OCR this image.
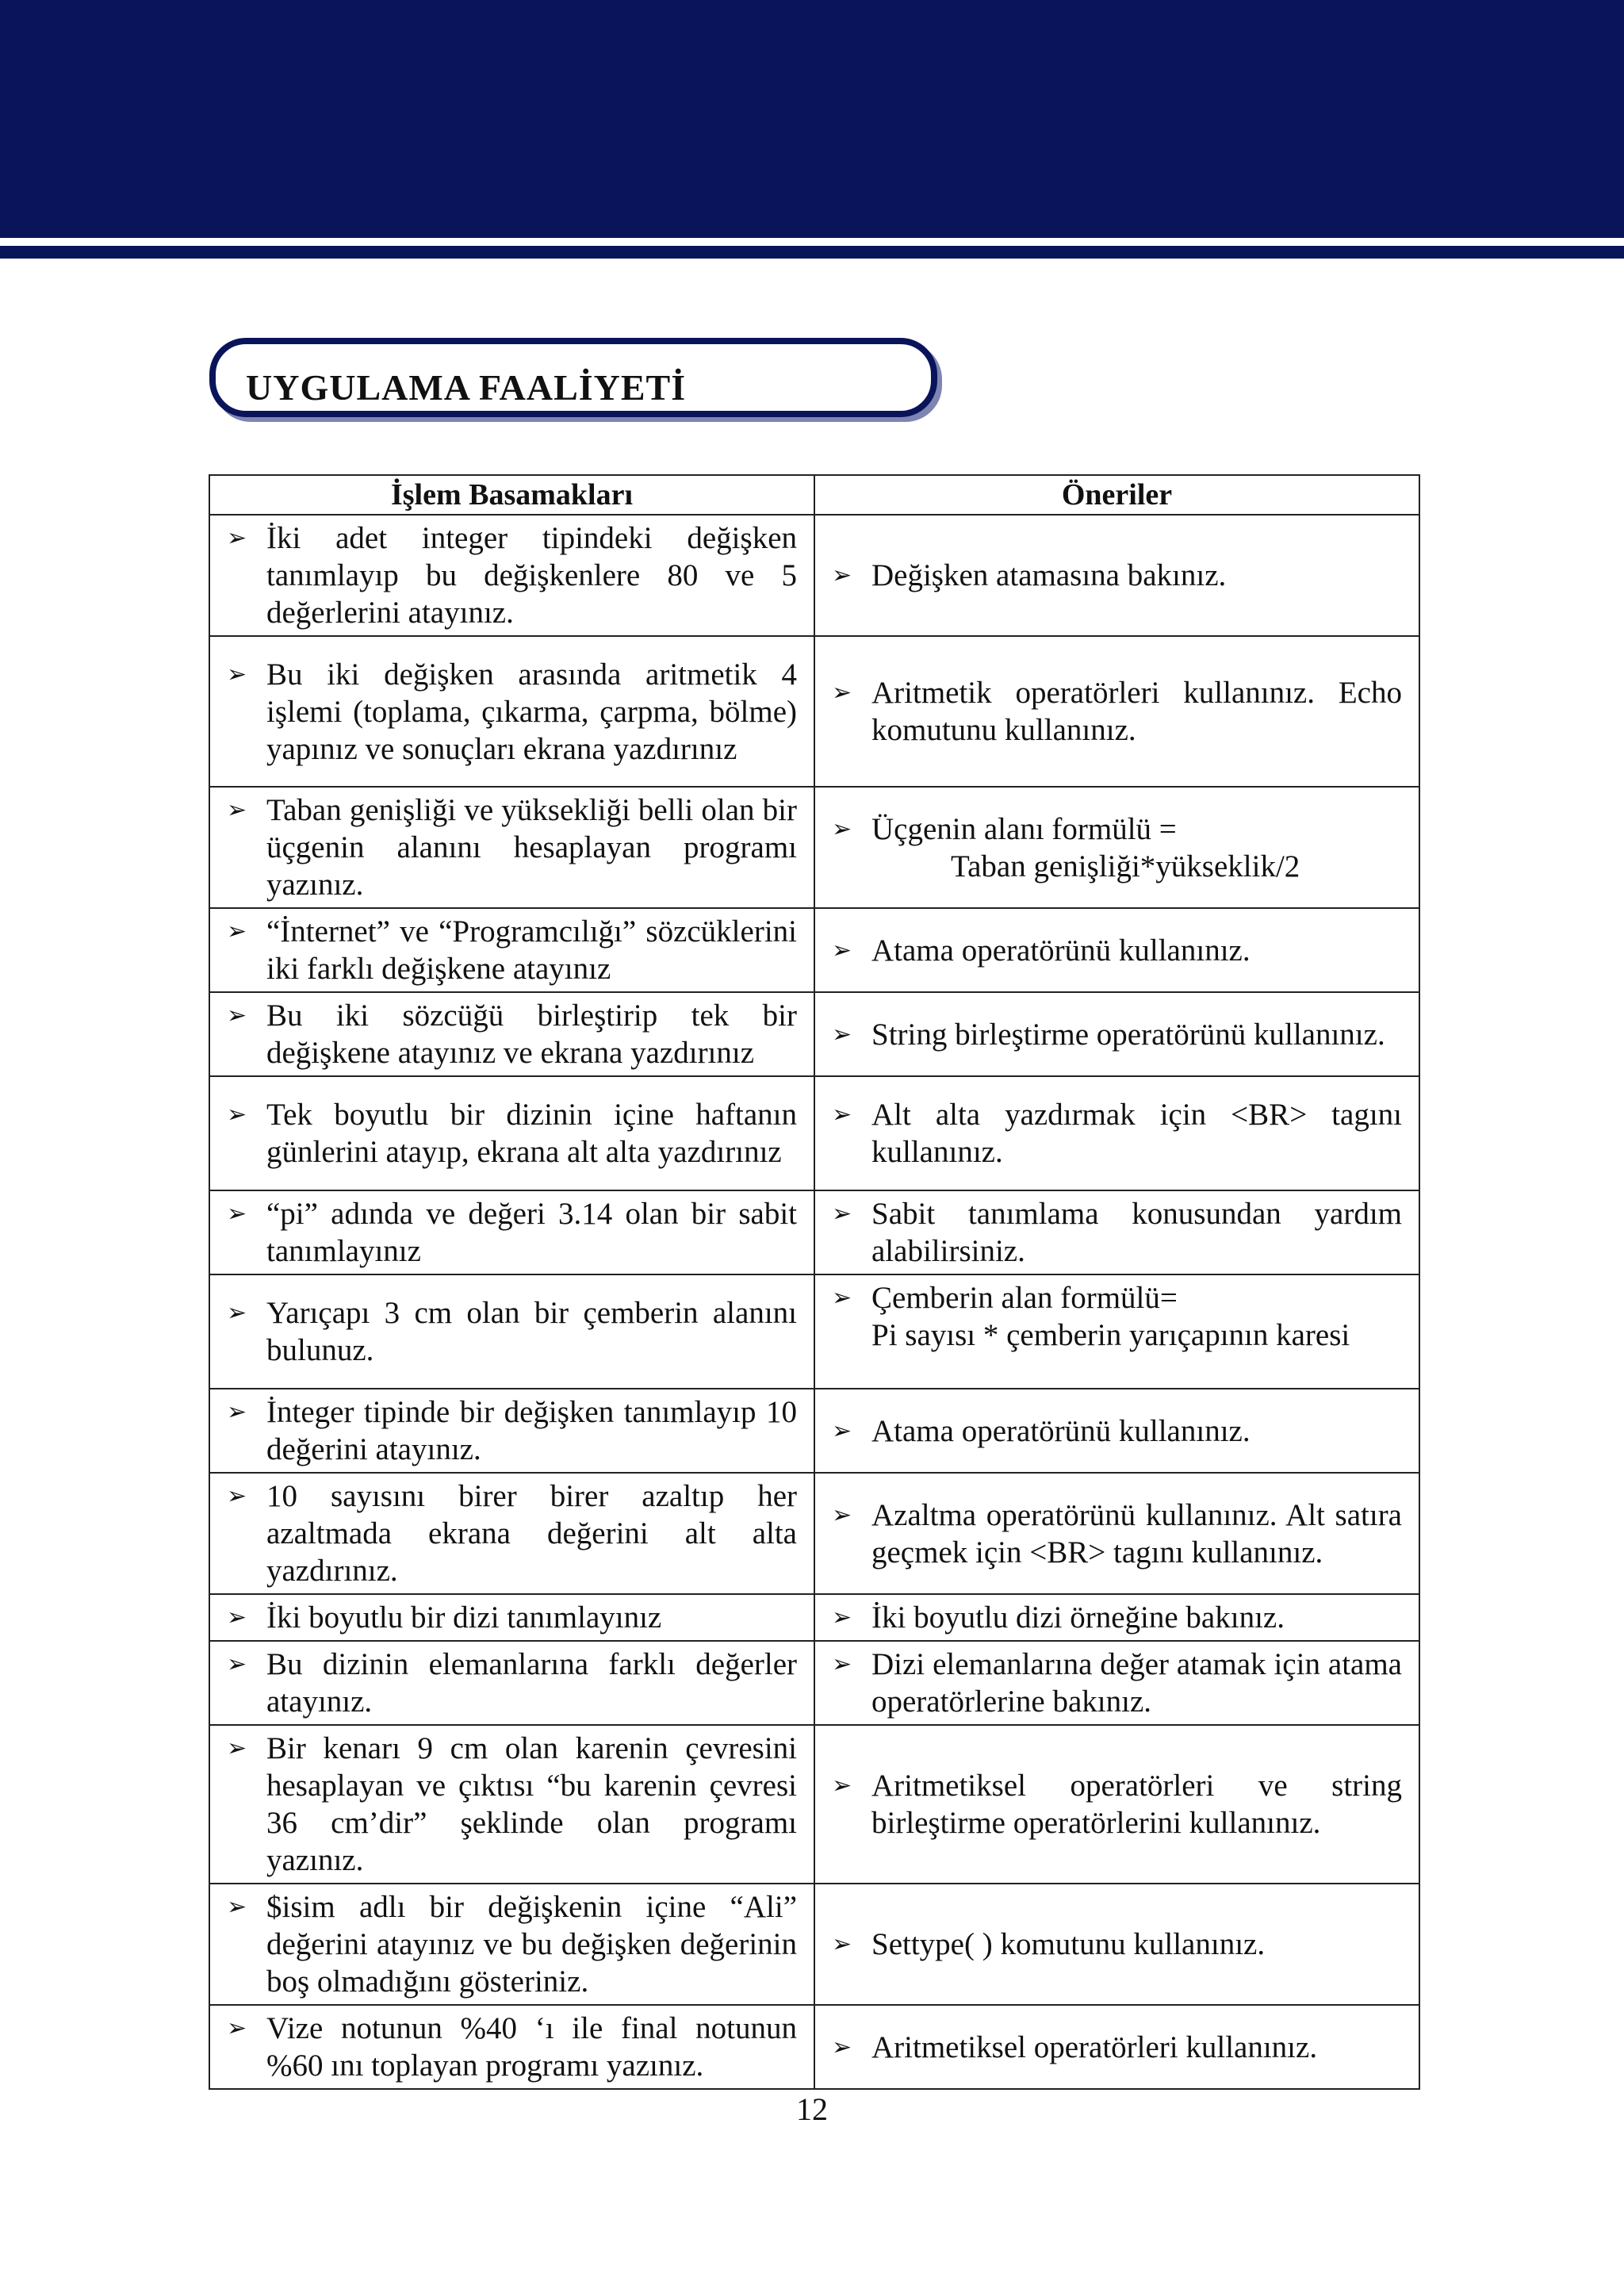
UYGULAMA FAALİYETİ
İşlem Basamakları	Öneriler

➢ İki adet integer tipindeki değişken tanımlayıp bu değişkenlere 80 ve 5 değerlerini atayınız.	➢ Değişken atamasına bakınız.

➢ Bu iki değişken arasında aritmetik 4 işlemi (toplama, çıkarma, çarpma, bölme) yapınız ve sonuçları ekrana yazdırınız	➢ Aritmetik operatörleri kullanınız. Echo komutunu kullanınız.

➢ Taban genişliği ve yüksekliği belli olan bir üçgenin alanını hesaplayan programı yazınız.	➢ Üçgenin alanı formülü =
Taban genişliği*yükseklik/2

➢ “İnternet” ve “Programcılığı” sözcüklerini iki farklı değişkene atayınız	➢ Atama operatörünü kullanınız.

➢ Bu iki sözcüğü birleştirip tek bir değişkene atayınız ve ekrana yazdırınız	➢ String birleştirme operatörünü kullanınız.

➢ Tek boyutlu bir dizinin içine haftanın günlerini atayıp, ekrana alt alta yazdırınız	➢ Alt alta yazdırmak için <BR> tagını kullanınız.

➢ “pi” adında ve değeri 3.14 olan bir sabit tanımlayınız	➢ Sabit tanımlama konusundan yardım alabilirsiniz.

➢ Yarıçapı 3 cm olan bir çemberin alanını bulunuz.	➢ Çemberin alan formülü=
Pi sayısı * çemberin yarıçapının karesi

➢ İnteger tipinde bir değişken tanımlayıp 10 değerini atayınız.	➢ Atama operatörünü kullanınız.

➢ 10 sayısını birer birer azaltıp her azaltmada ekrana değerini alt alta yazdırınız.	➢ Azaltma operatörünü kullanınız. Alt satıra geçmek için <BR> tagını kullanınız.

➢ İki boyutlu bir dizi tanımlayınız	➢ İki boyutlu dizi örneğine bakınız.

➢ Bu dizinin elemanlarına farklı değerler atayınız.	➢ Dizi elemanlarına değer atamak için atama operatörlerine bakınız.

➢ Bir kenarı 9 cm olan karenin çevresini hesaplayan ve çıktısı “bu karenin çevresi 36 cm’dir” şeklinde olan programı yazınız.	➢ Aritmetiksel operatörleri ve string birleştirme operatörlerini kullanınız.

➢ $isim adlı bir değişkenin içine “Ali” değerini atayınız ve bu değişken değerinin boş olmadığını gösteriniz.	➢ Settype( ) komutunu kullanınız.

➢ Vize notunun %40 ‘ı ile final notunun %60 ını toplayan programı yazınız.	➢ Aritmetiksel operatörleri kullanınız.
12
